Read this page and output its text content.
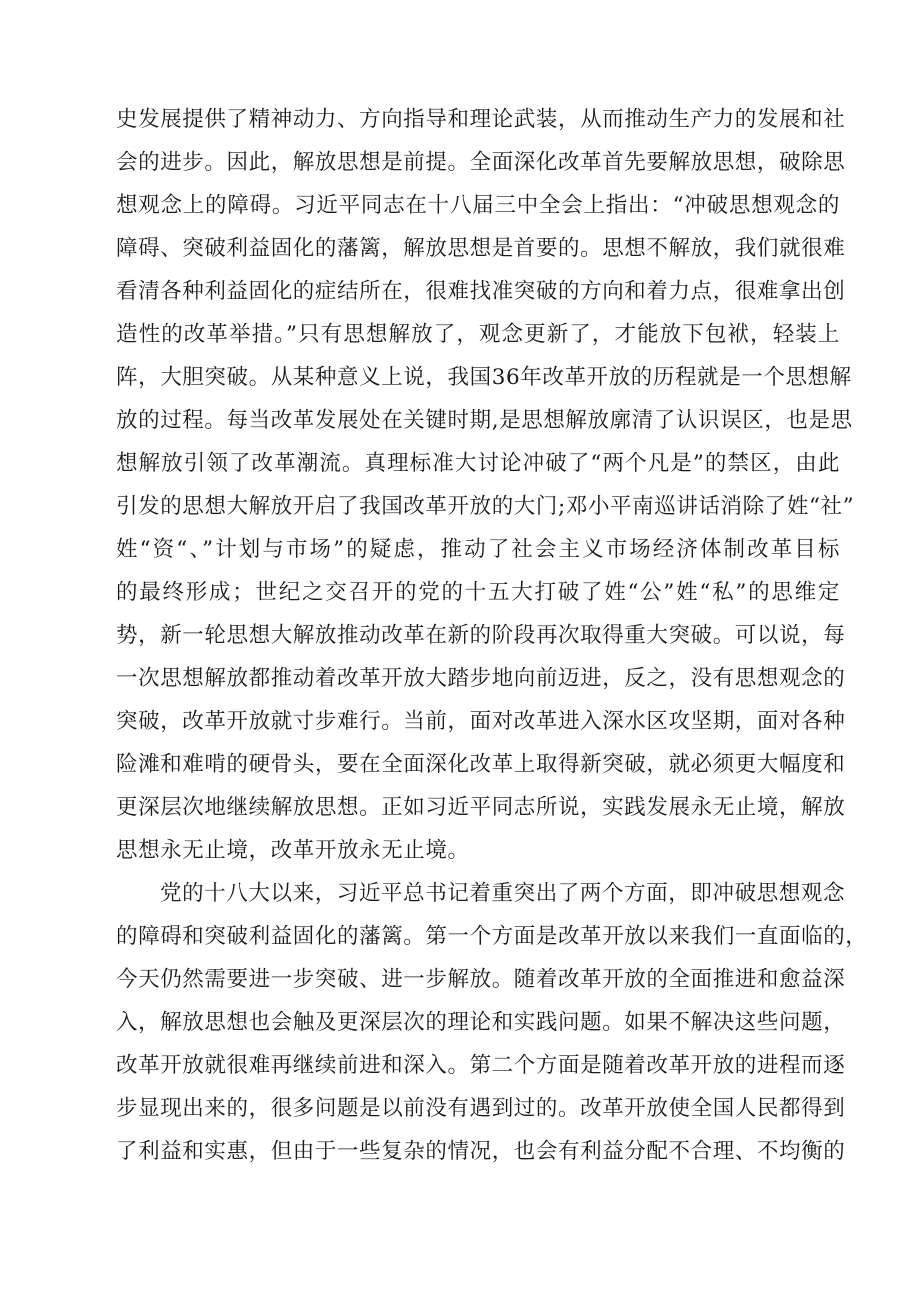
史发展提供了精神动力、方向指导和理论武装，从而推动生产力的发展和社
会的进步。因此，解放思想是前提。全面深化改革首先要解放思想，破除思
想观念上的障碍。习近平同志在十八届三中全会上指出：“冲破思想观念的
障碍、突破利益固化的藩篱，解放思想是首要的。思想不解放，我们就很难
看清各种利益固化的症结所在，很难找准突破的方向和着力点，很难拿出创
造性的改革举措。”只有思想解放了，观念更新了，才能放下包袱，轻装上
阵，大胆突破。从某种意义上说，我国36年改革开放的历程就是一个思想解
放的过程。每当改革发展处在关键时期,是思想解放廓清了认识误区，也是思
想解放引领了改革潮流。真理标准大讨论冲破了“两个凡是”的禁区，由此
引发的思想大解放开启了我国改革开放的大门;邓小平南巡讲话消除了姓“社”
姓“资“、”计划与市场”的疑虑，推动了社会主义市场经济体制改革目标
的最终形成；世纪之交召开的党的十五大打破了姓“公”姓“私”的思维定
势，新一轮思想大解放推动改革在新的阶段再次取得重大突破。可以说，每
一次思想解放都推动着改革开放大踏步地向前迈进，反之，没有思想观念的
突破，改革开放就寸步难行。当前，面对改革进入深水区攻坚期，面对各种
险滩和难啃的硬骨头，要在全面深化改革上取得新突破，就必须更大幅度和
更深层次地继续解放思想。正如习近平同志所说，实践发展永无止境，解放
思想永无止境，改革开放永无止境。
党的十八大以来，习近平总书记着重突出了两个方面，即冲破思想观念
的障碍和突破利益固化的藩篱。第一个方面是改革开放以来我们一直面临的，
今天仍然需要进一步突破、进一步解放。随着改革开放的全面推进和愈益深
入，解放思想也会触及更深层次的理论和实践问题。如果不解决这些问题，
改革开放就很难再继续前进和深入。第二个方面是随着改革开放的进程而逐
步显现出来的，很多问题是以前没有遇到过的。改革开放使全国人民都得到
了利益和实惠，但由于一些复杂的情况，也会有利益分配不合理、不均衡的
